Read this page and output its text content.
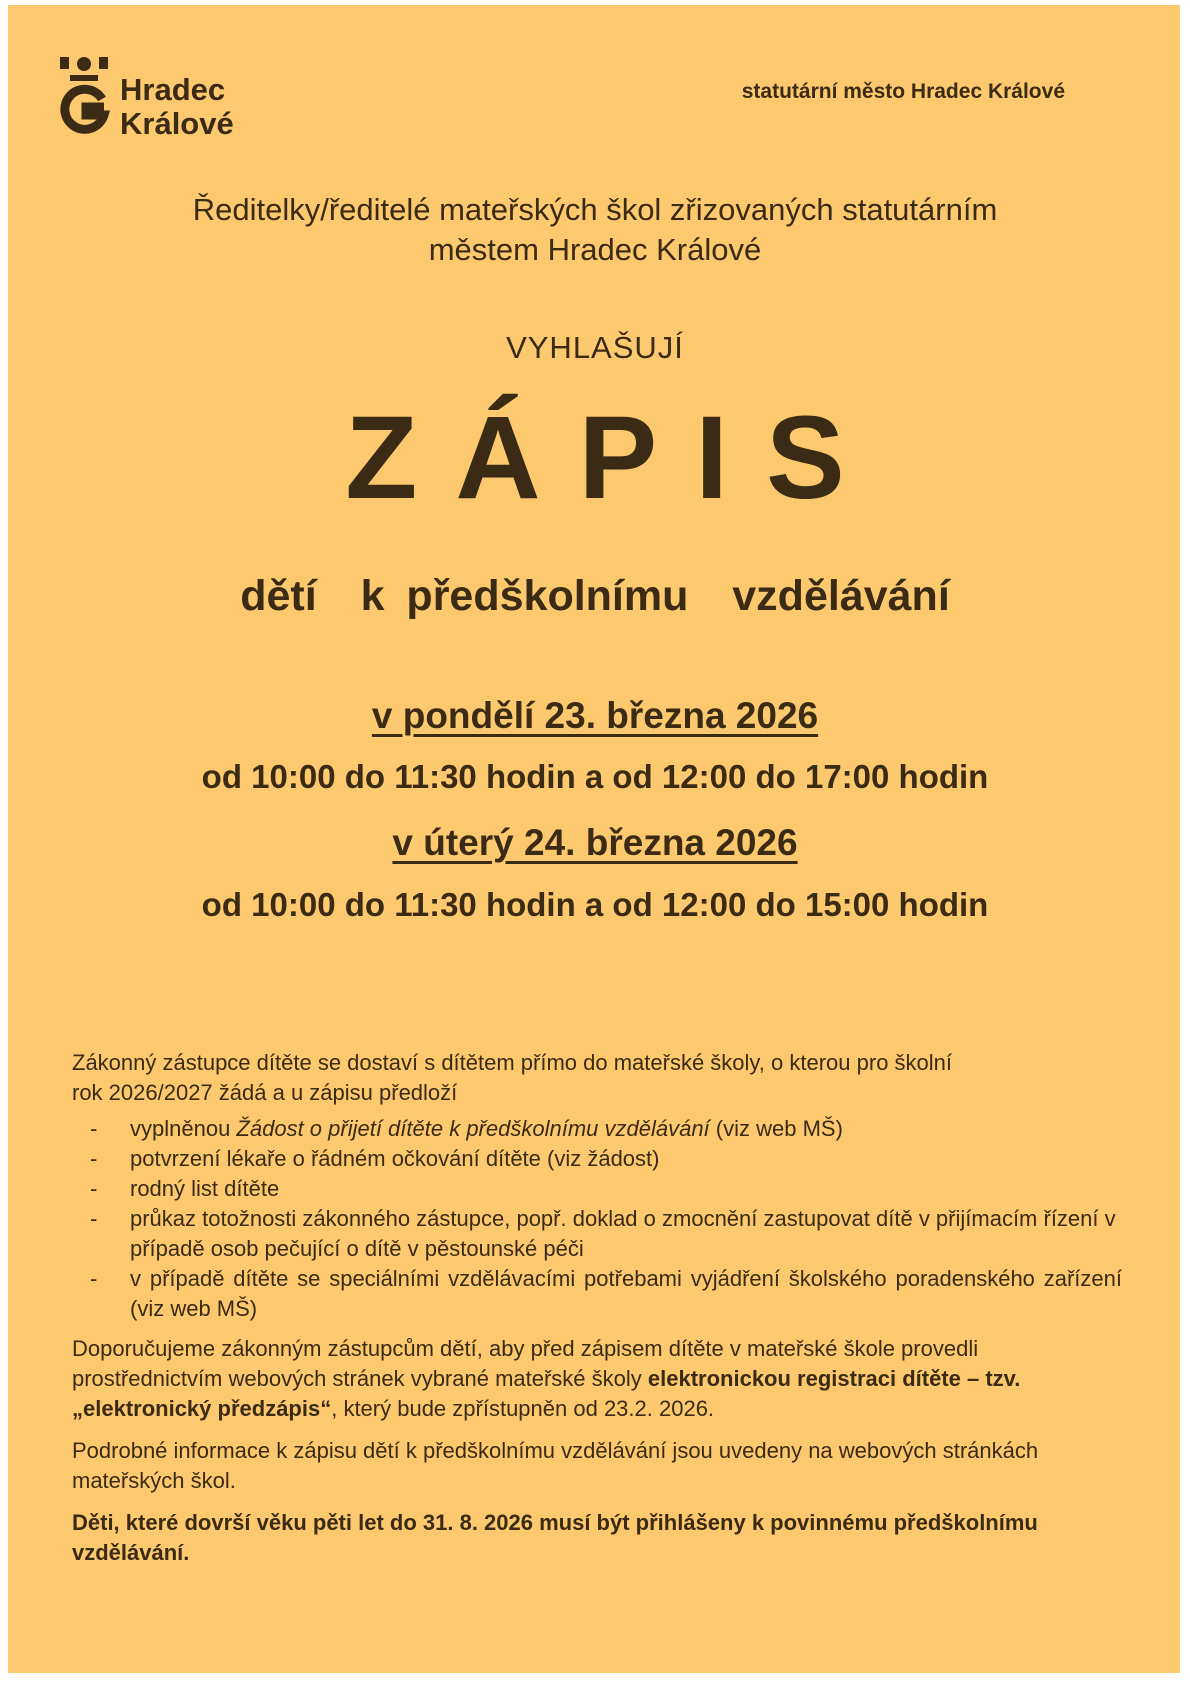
Hradec
Králové
statutární město Hradec Králové
Ředitelky/ředitelé mateřských škol zřizovaných statutárním
městem Hradec Králové
VYHLAŠUJÍ
ZÁPIS
dětí  k předškolnímu  vzdělávání
v pondělí 23. března 2026
od 10:00 do 11:30 hodin a od 12:00 do 17:00 hodin
v úterý 24. března 2026
od 10:00 do 11:30 hodin a od 12:00 do 15:00 hodin

Zákonný zástupce dítěte se dostaví s dítětem přímo do mateřské školy, o kterou pro školní
rok 2026/2027 žádá a u zápisu předloží

- vyplněnou Žádost o přijetí dítěte k předškolnímu vzdělávání (viz web MŠ)
- potvrzení lékaře o řádném očkování dítěte (viz žádost)
- rodný list dítěte
- průkaz totožnosti zákonného zástupce, popř. doklad o zmocnění zastupovat dítě v přijímacím řízení v případě osob pečující o dítě v pěstounské péči
- v případě dítěte se speciálními vzdělávacími potřebami vyjádření školského poradenského zařízení (viz web MŠ)

Doporučujeme zákonným zástupcům dětí, aby před zápisem dítěte v mateřské škole provedli prostřednictvím webových stránek vybrané mateřské školy elektronickou registraci dítěte – tzv. „elektronický předzápis“, který bude zpřístupněn od 23.2. 2026.

Podrobné informace k zápisu dětí k předškolnímu vzdělávání jsou uvedeny na webových stránkách mateřských škol.

Děti, které dovrší věku pěti let do 31. 8. 2026 musí být přihlášeny k povinnému předškolnímu vzdělávání.
